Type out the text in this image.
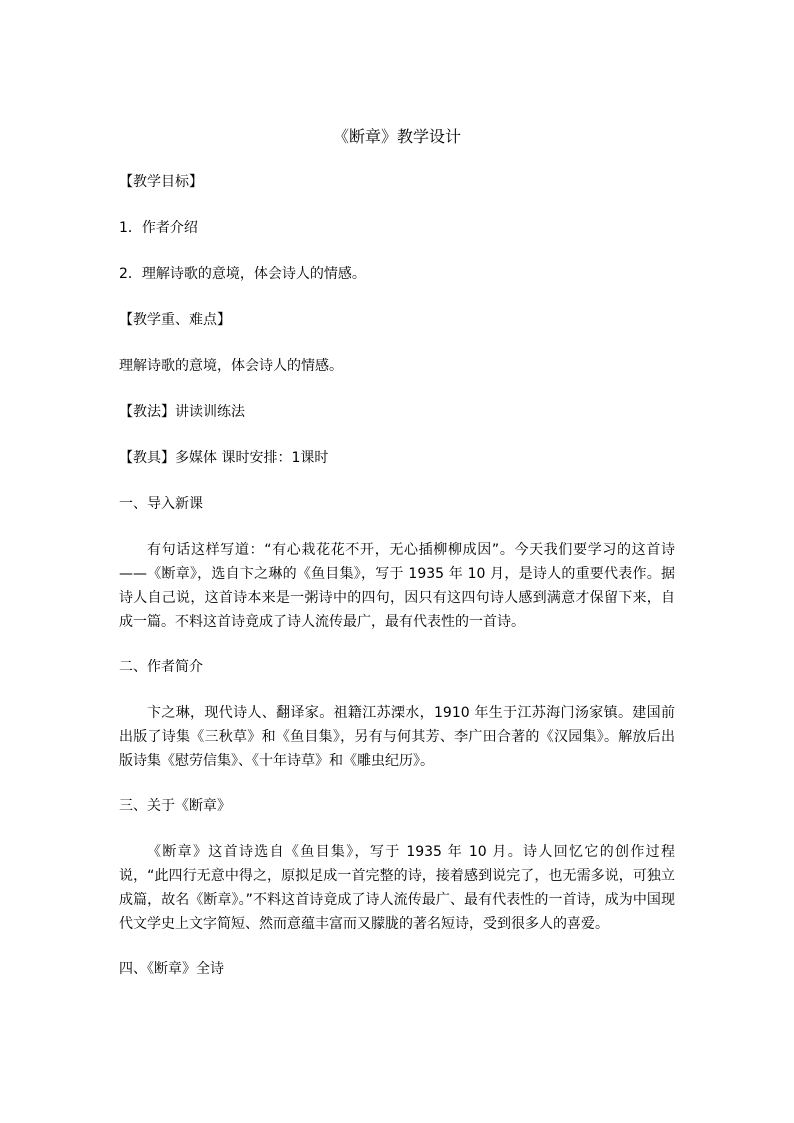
《断章》教学设计

【教学目标】

1．作者介绍

2．理解诗歌的意境，体会诗人的情感。

【教学重、难点】

理解诗歌的意境，体会诗人的情感。

【教法】讲读训练法

【教具】多媒体 课时安排：1课时

一、导入新课

有句话这样写道：“有心栽花花不开，无心插柳柳成因”。今天我们要学习的这首诗——《断章》，选自卞之琳的《鱼目集》，写于 1935 年 10 月，是诗人的重要代表作。据诗人自己说，这首诗本来是一粥诗中的四句，因只有这四句诗人感到满意才保留下来，自成一篇。不料这首诗竟成了诗人流传最广，最有代表性的一首诗。

二、作者简介

卞之琳，现代诗人、翻译家。祖籍江苏溧水，1910 年生于江苏海门汤家镇。建国前出版了诗集《三秋草》和《鱼目集》，另有与何其芳、李广田合著的《汉园集》。解放后出版诗集《慰劳信集》、《十年诗草》和《雕虫纪历》。

三、关于《断章》

《断章》这首诗选自《鱼目集》，写于 1935 年 10 月。诗人回忆它的创作过程说，“此四行无意中得之，原拟足成一首完整的诗，接着感到说完了，也无需多说，可独立成篇，故名《断章》。”不料这首诗竟成了诗人流传最广、最有代表性的一首诗，成为中国现代文学史上文字简短、然而意蕴丰富而又朦胧的著名短诗，受到很多人的喜爱。

四、《断章》全诗
